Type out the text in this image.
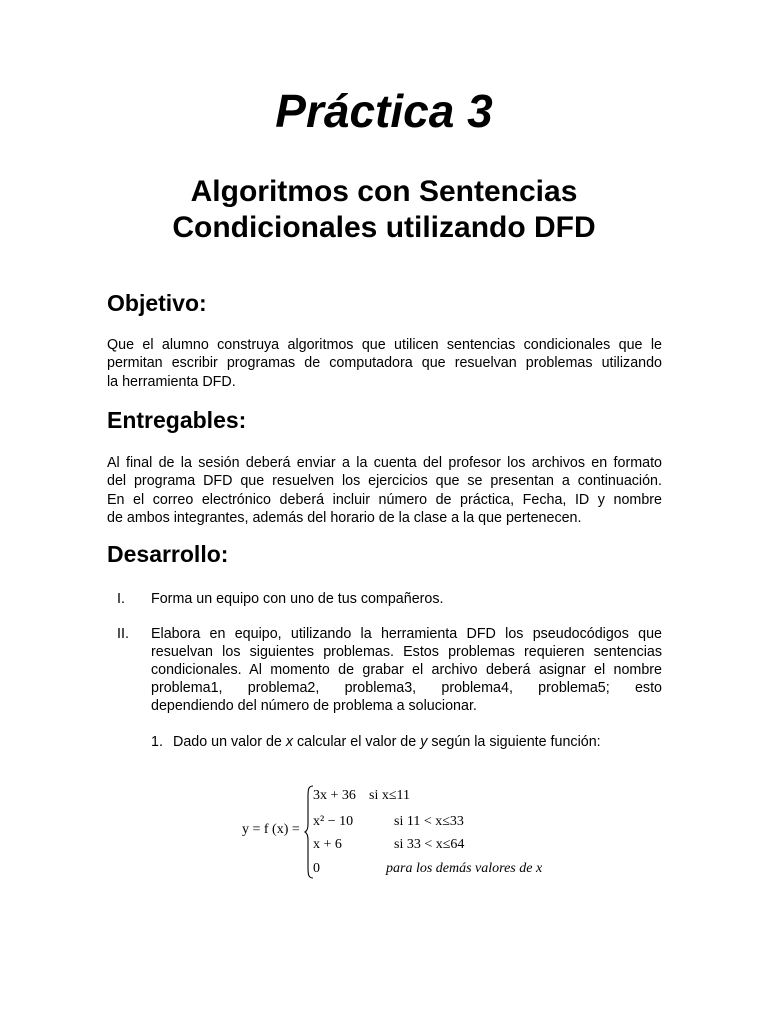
Práctica 3
Algoritmos con Sentencias
Condicionales utilizando DFD
Objetivo:
Que el alumno construya algoritmos que utilicen sentencias condicionales que le
permitan escribir programas de computadora que resuelvan problemas utilizando
la herramienta DFD.
Entregables:
Al final de la sesión deberá enviar a la cuenta del profesor los archivos en formato
del programa DFD que resuelven los ejercicios que se presentan a continuación.
En el correo electrónico deberá incluir número de práctica, Fecha, ID y nombre
de ambos integrantes, además del horario de la clase a la que pertenecen.
Desarrollo:
I. Forma un equipo con uno de tus compañeros.
II. Elabora en equipo, utilizando la herramienta DFD los pseudocódigos que
resuelvan los siguientes problemas. Estos problemas requieren sentencias
condicionales. Al momento de grabar el archivo deberá asignar el nombre
problema1, problema2, problema3, problema4, problema5; esto
dependiendo del número de problema a solucionar.
1. Dado un valor de x calcular el valor de y según la siguiente función:
y = f (x) =
3x + 36 si x≤11
x² − 10	si 11 < x≤33
x + 6	si 33 < x≤64
0	para los demás valores de x
